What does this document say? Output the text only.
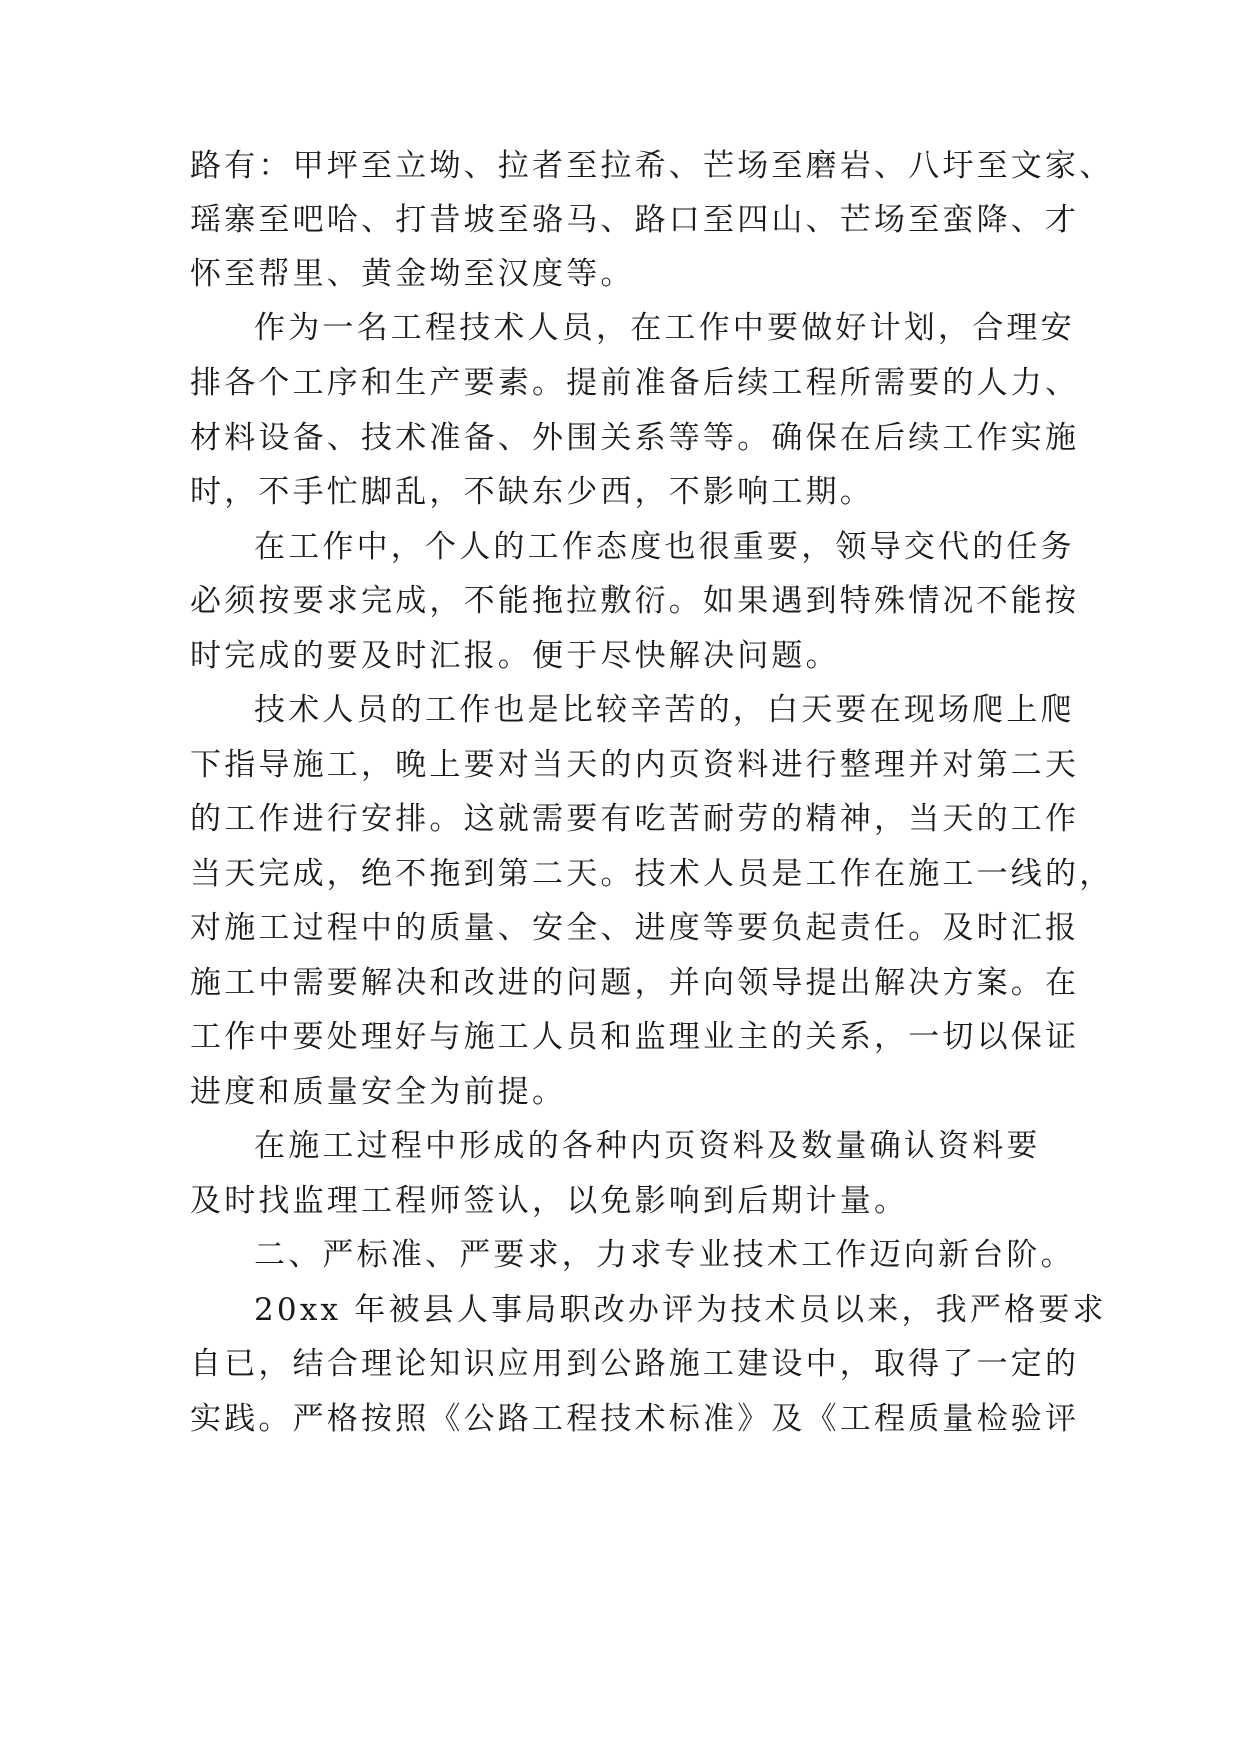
路有：甲坪至立坳、拉者至拉希、芒场至磨岩、八圩至文家、
瑶寨至吧哈、打昔坡至骆马、路口至四山、芒场至蛮降、才
怀至帮里、黄金坳至汉度等。
作为一名工程技术人员，在工作中要做好计划，合理安
排各个工序和生产要素。提前准备后续工程所需要的人力、
材料设备、技术准备、外围关系等等。确保在后续工作实施
时，不手忙脚乱，不缺东少西，不影响工期。
在工作中，个人的工作态度也很重要，领导交代的任务
必须按要求完成，不能拖拉敷衍。如果遇到特殊情况不能按
时完成的要及时汇报。便于尽快解决问题。
技术人员的工作也是比较辛苦的，白天要在现场爬上爬
下指导施工，晚上要对当天的内页资料进行整理并对第二天
的工作进行安排。这就需要有吃苦耐劳的精神，当天的工作
当天完成，绝不拖到第二天。技术人员是工作在施工一线的，
对施工过程中的质量、安全、进度等要负起责任。及时汇报
施工中需要解决和改进的问题，并向领导提出解决方案。在
工作中要处理好与施工人员和监理业主的关系，一切以保证
进度和质量安全为前提。
在施工过程中形成的各种内页资料及数量确认资料要
及时找监理工程师签认，以免影响到后期计量。
二、严标准、严要求，力求专业技术工作迈向新台阶。
20xx 年被县人事局职改办评为技术员以来，我严格要求
自已，结合理论知识应用到公路施工建设中，取得了一定的
实践。严格按照《公路工程技术标准》及《工程质量检验评
